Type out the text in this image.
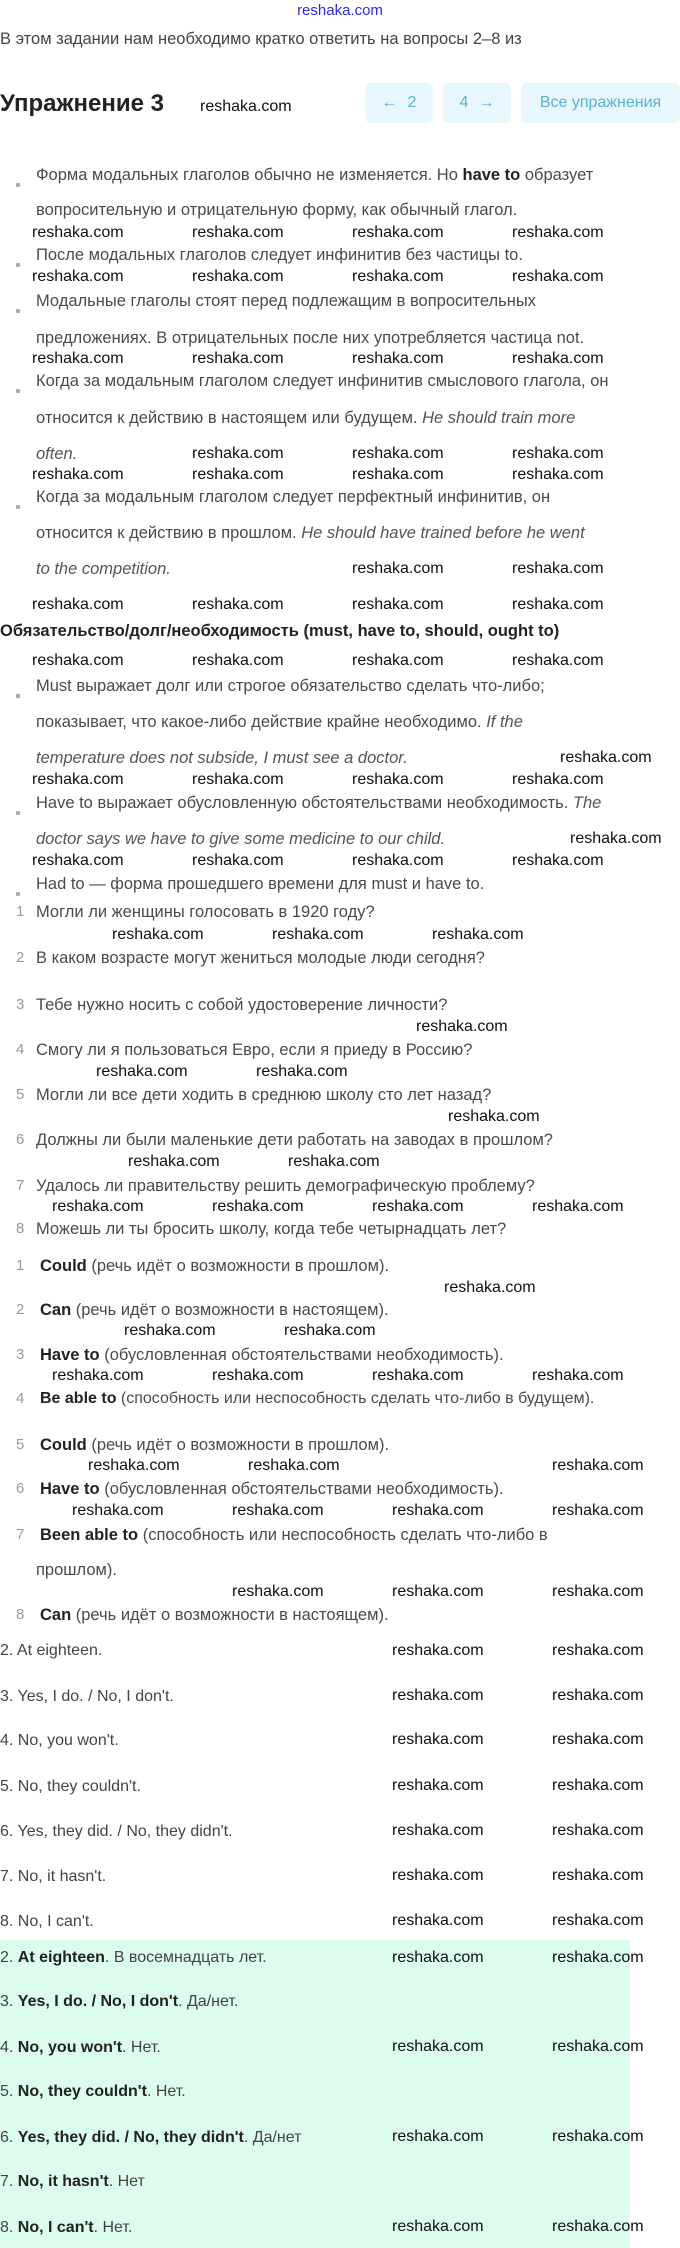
reshaka.com
В этом задании нам необходимо кратко ответить на вопросы 2–8 из
Упражнение 3	← 2	4 →	Все упражнения
Форма модальных глаголов обычно не изменяется. Но have to образует
вопросительную и отрицательную форму, как обычный глагол.
После модальных глаголов следует инфинитив без частицы to.
Модальные глаголы стоят перед подлежащим в вопросительных
предложениях. В отрицательных после них употребляется частица not.
Когда за модальным глаголом следует инфинитив смыслового глагола, он
относится к действию в настоящем или будущем. He should train more
often.
Когда за модальным глаголом следует перфектный инфинитив, он
относится к действию в прошлом. He should have trained before he went
to the competition.
Обязательство/долг/необходимость (must, have to, should, ought to)
Must выражает долг или строгое обязательство сделать что-либо;
показывает, что какое-либо действие крайне необходимо. If the
temperature does not subside, I must see a doctor.
Have to выражает обусловленную обстоятельствами необходимость. The
doctor says we have to give some medicine to our child.
Had to — форма прошедшего времени для must и have to.
1 Могли ли женщины голосовать в 1920 году?
2 В каком возрасте могут жениться молодые люди сегодня?
3 Тебе нужно носить с собой удостоверение личности?
4 Смогу ли я пользоваться Евро, если я приеду в Россию?
5 Могли ли все дети ходить в среднюю школу сто лет назад?
6 Должны ли были маленькие дети работать на заводах в прошлом?
7 Удалось ли правительству решить демографическую проблему?
8 Можешь ли ты бросить школу, когда тебе четырнадцать лет?
1 Could (речь идёт о возможности в прошлом).
2 Can (речь идёт о возможности в настоящем).
3 Have to (обусловленная обстоятельствами необходимость).
4 Be able to (способность или неспособность сделать что-либо в будущем).
5 Could (речь идёт о возможности в прошлом).
6 Have to (обусловленная обстоятельствами необходимость).
7 Been able to (способность или неспособность сделать что-либо в
прошлом).
8 Can (речь идёт о возможности в настоящем).
2. At eighteen.
3. Yes, I do. / No, I don't.
4. No, you won't.
5. No, they couldn't.
6. Yes, they did. / No, they didn't.
7. No, it hasn't.
8. No, I can't.
2. At eighteen. В восемнадцать лет.
3. Yes, I do. / No, I don't. Да/нет.
4. No, you won't. Нет.
5. No, they couldn't. Нет.
6. Yes, they did. / No, they didn't. Да/нет
7. No, it hasn't. Нет
8. No, I can't. Нет.
reshaka.com
reshaka.com	reshaka.com	reshaka.com	reshaka.com
reshaka.com	reshaka.com	reshaka.com	reshaka.com
reshaka.com	reshaka.com	reshaka.com	reshaka.com
reshaka.com	reshaka.com	reshaka.com
reshaka.com	reshaka.com	reshaka.com	reshaka.com
reshaka.com	reshaka.com
reshaka.com	reshaka.com	reshaka.com	reshaka.com
reshaka.com	reshaka.com	reshaka.com	reshaka.com
reshaka.com
reshaka.com	reshaka.com	reshaka.com	reshaka.com
reshaka.com
reshaka.com	reshaka.com	reshaka.com	reshaka.com
reshaka.com	reshaka.com	reshaka.com
reshaka.com
reshaka.com	reshaka.com
reshaka.com
reshaka.com	reshaka.com
reshaka.com	reshaka.com	reshaka.com	reshaka.com
reshaka.com
reshaka.com	reshaka.com
reshaka.com	reshaka.com	reshaka.com	reshaka.com
reshaka.com	reshaka.com	reshaka.com
reshaka.com	reshaka.com	reshaka.com	reshaka.com
reshaka.com	reshaka.com	reshaka.com
reshaka.com	reshaka.com
reshaka.com	reshaka.com
reshaka.com	reshaka.com
reshaka.com	reshaka.com
reshaka.com	reshaka.com
reshaka.com	reshaka.com
reshaka.com	reshaka.com
reshaka.com	reshaka.com
reshaka.com	reshaka.com
reshaka.com	reshaka.com
reshaka.com	reshaka.com
